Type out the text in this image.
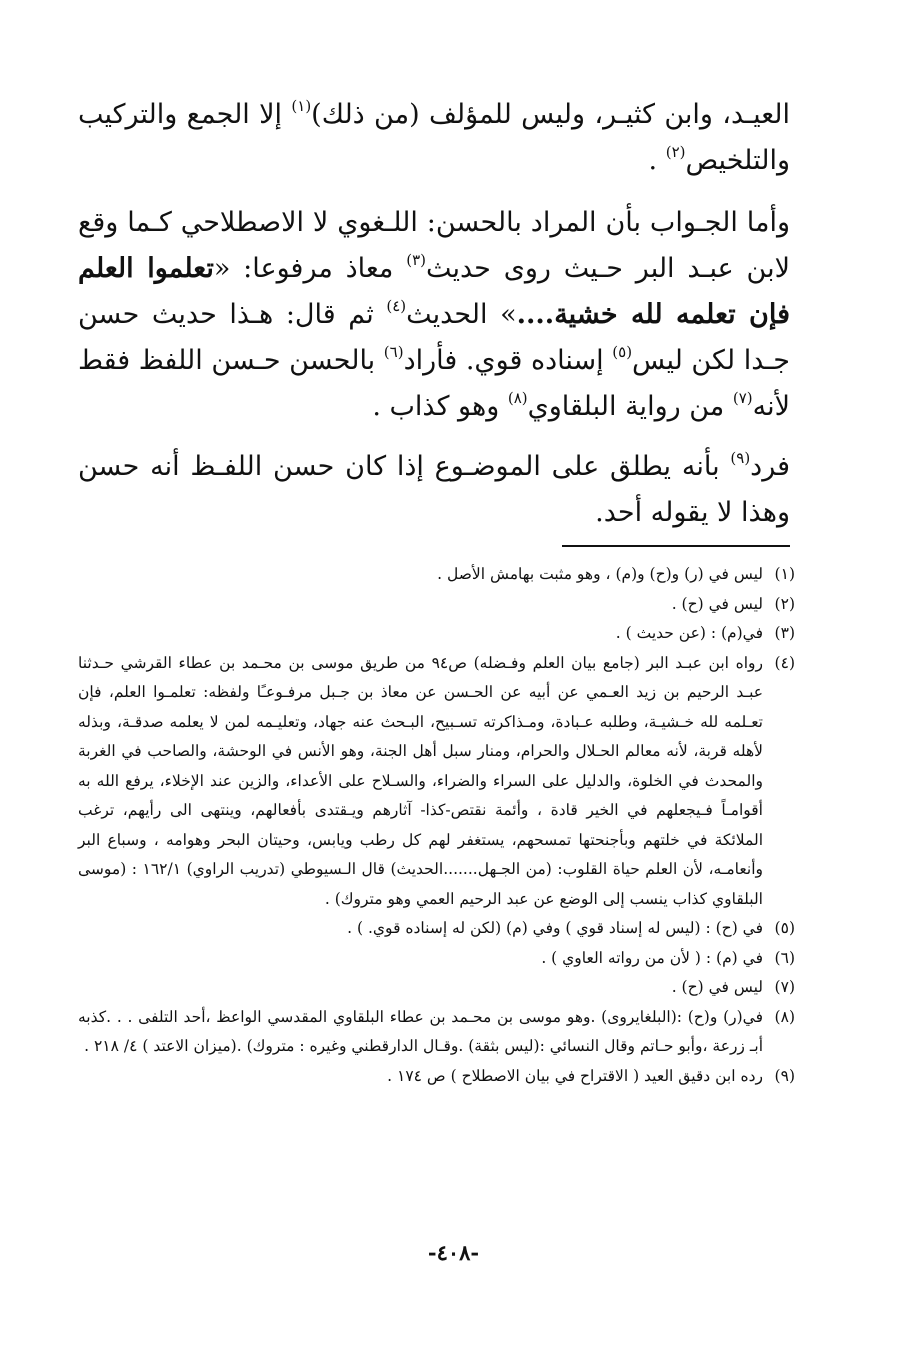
العيـد، وابن كثيـر، وليس للمؤلف (من ذلك)$^{(١)}$ إلا الجمع والتركيب والتلخيص$^{(٢)}$ .

وأما الجـواب بأن المراد بالحسن: اللـغوي لا الاصطلاحي كـما وقع لابن عبـد البر حـيث روى حديث$^{(٣)}$ معاذ مرفوعا: «تعلموا العلم فإن تعلمه لله خشية....» الحديث$^{(٤)}$ ثم قال: هـذا حديث حسن جـدا لكن ليس$^{(٥)}$ إسناده قوي. فأراد$^{(٦)}$ بالحسن حـسن اللفظ فقط لأنه$^{(٧)}$ من رواية البلقاوي$^{(٨)}$ وهو كذاب .

فرد$^{(٩)}$ بأنه يطلق على الموضـوع إذا كان حسن اللفـظ أنه حسن وهذا لا يقوله أحد.

(١)
ليس في (ر) و(ح) و(م) ، وهو مثبت بهامش الأصل .
(٢)
ليس في (ح) .
(٣)
في(م) : (عن حديث ) .
(٤)
رواه ابن عبـد البر (جامع بيان العلم وفـضله) ص٩٤ من طريق موسى بن محـمد بن عطاء القرشي حـدثنا عبـد الرحيم بن زيد العـمي عن أبيه عن الحـسن عن معاذ بن جـبل مرفـوعـًا ولفظه: تعلمـوا العلم، فإن تعـلمه لله خـشيـة، وطلبه عـبادة، ومـذاكرته تسـبيح، البـحث عنه جهاد، وتعليـمه لمن لا يعلمه صدقـة، وبذله لأهله قربة، لأنه معالم الحـلال والحرام، ومنار سبل أهل الجنة، وهو الأنس في الوحشة، والصاحب في الغربة والمحدث في الخلوة، والدليل على السراء والضراء، والسـلاح على الأعداء، والزين عند الإخلاء، يرفع الله به أقوامـاً فـيجعلهم في الخير قادة ، وأئمة نقتص-كذا- آثارهم ويـقتدى بأفعالهم، وينتهى الى رأيهم، ترغب الملائكة في خلتهم وبأجنحتها تمسحهم، يستغفر لهم كل رطب ويابس، وحيتان البحر وهوامه ، وسباع البر وأنعامـه، لأن العلم حياة القلوب: (من الجـهل.......الحديث) قال الـسيوطي (تدريب الراوي) ١٦٢/١ : (موسى البلقاوي كذاب ينسب إلى الوضع عن عبد الرحيم العمي وهو متروك) .
(٥)
في (ح) : (ليس له إسناد قوي ) وفي (م) (لكن له إسناده قوي. ) .
(٦)
في (م) : ( لأن من رواته العاوي ) .
(٧)
ليس في (ح) .
(٨)
في(ر) و(ح) :(البلغايروى) .وهو موسى بن محـمد بن عطاء البلقاوي المقدسي الواعظ ،أحد التلفى . . .كذبه أبـ زرعة ،وأبو حـاتم وقال النسائي :(ليس بثقة) .وقـال الدارقطني وغيره : متروك) .(ميزان الاعتد ) ٤/ ٢١٨ .
(٩)
رده ابن دقيق العيد ( الاقتراح في بيان الاصطلاح ) ص ١٧٤ .
-٤٠٨-
